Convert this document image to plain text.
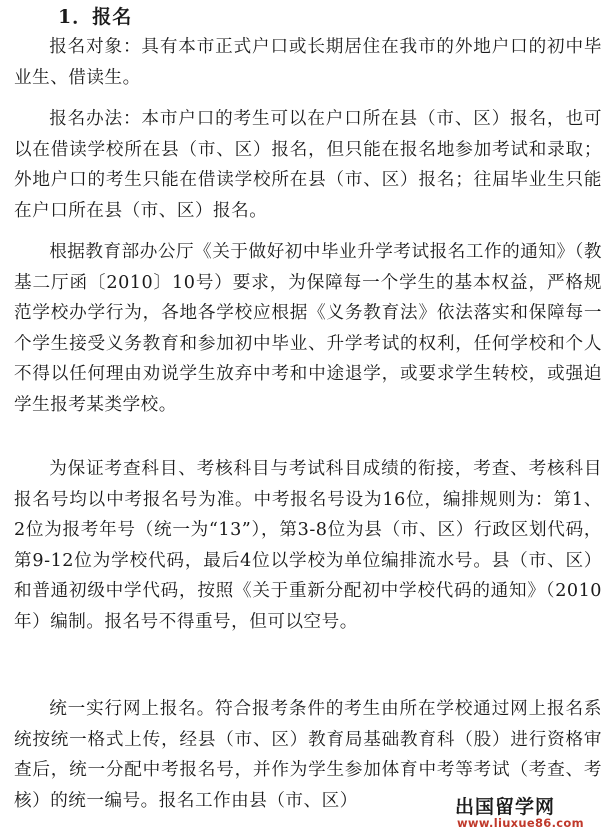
1．报名

报名对象：具有本市正式户口或长期居住在我市的外地户口的初中毕业生、借读生。

报名办法：本市户口的考生可以在户口所在县（市、区）报名，也可以在借读学校所在县（市、区）报名，但只能在报名地参加考试和录取；外地户口的考生只能在借读学校所在县（市、区）报名；往届毕业生只能在户口所在县（市、区）报名。

根据教育部办公厅《关于做好初中毕业升学考试报名工作的通知》（教基二厅函〔2010〕10号）要求，为保障每一个学生的基本权益，严格规范学校办学行为，各地各学校应根据《义务教育法》依法落实和保障每一个学生接受义务教育和参加初中毕业、升学考试的权利，任何学校和个人不得以任何理由劝说学生放弃中考和中途退学，或要求学生转校，或强迫学生报考某类学校。

为保证考查科目、考核科目与考试科目成绩的衔接，考查、考核科目报名号均以中考报名号为准。中考报名号设为16位，编排规则为：第1、2位为报考年号（统一为“13”），第3-8位为县（市、区）行政区划代码，第9-12位为学校代码，最后4位以学校为单位编排流水号。县（市、区）和普通初级中学代码，按照《关于重新分配初中学校代码的通知》（2010年）编制。报名号不得重号，但可以空号。

统一实行网上报名。符合报考条件的考生由所在学校通过网上报名系统按统一格式上传，经县（市、区）教育局基础教育科（股）进行资格审查后，统一分配中考报名号，并作为学生参加体育中考等考试（考查、考核）的统一编号。报名工作由县（市、区）	出国留学网
www.liuxue86.com
